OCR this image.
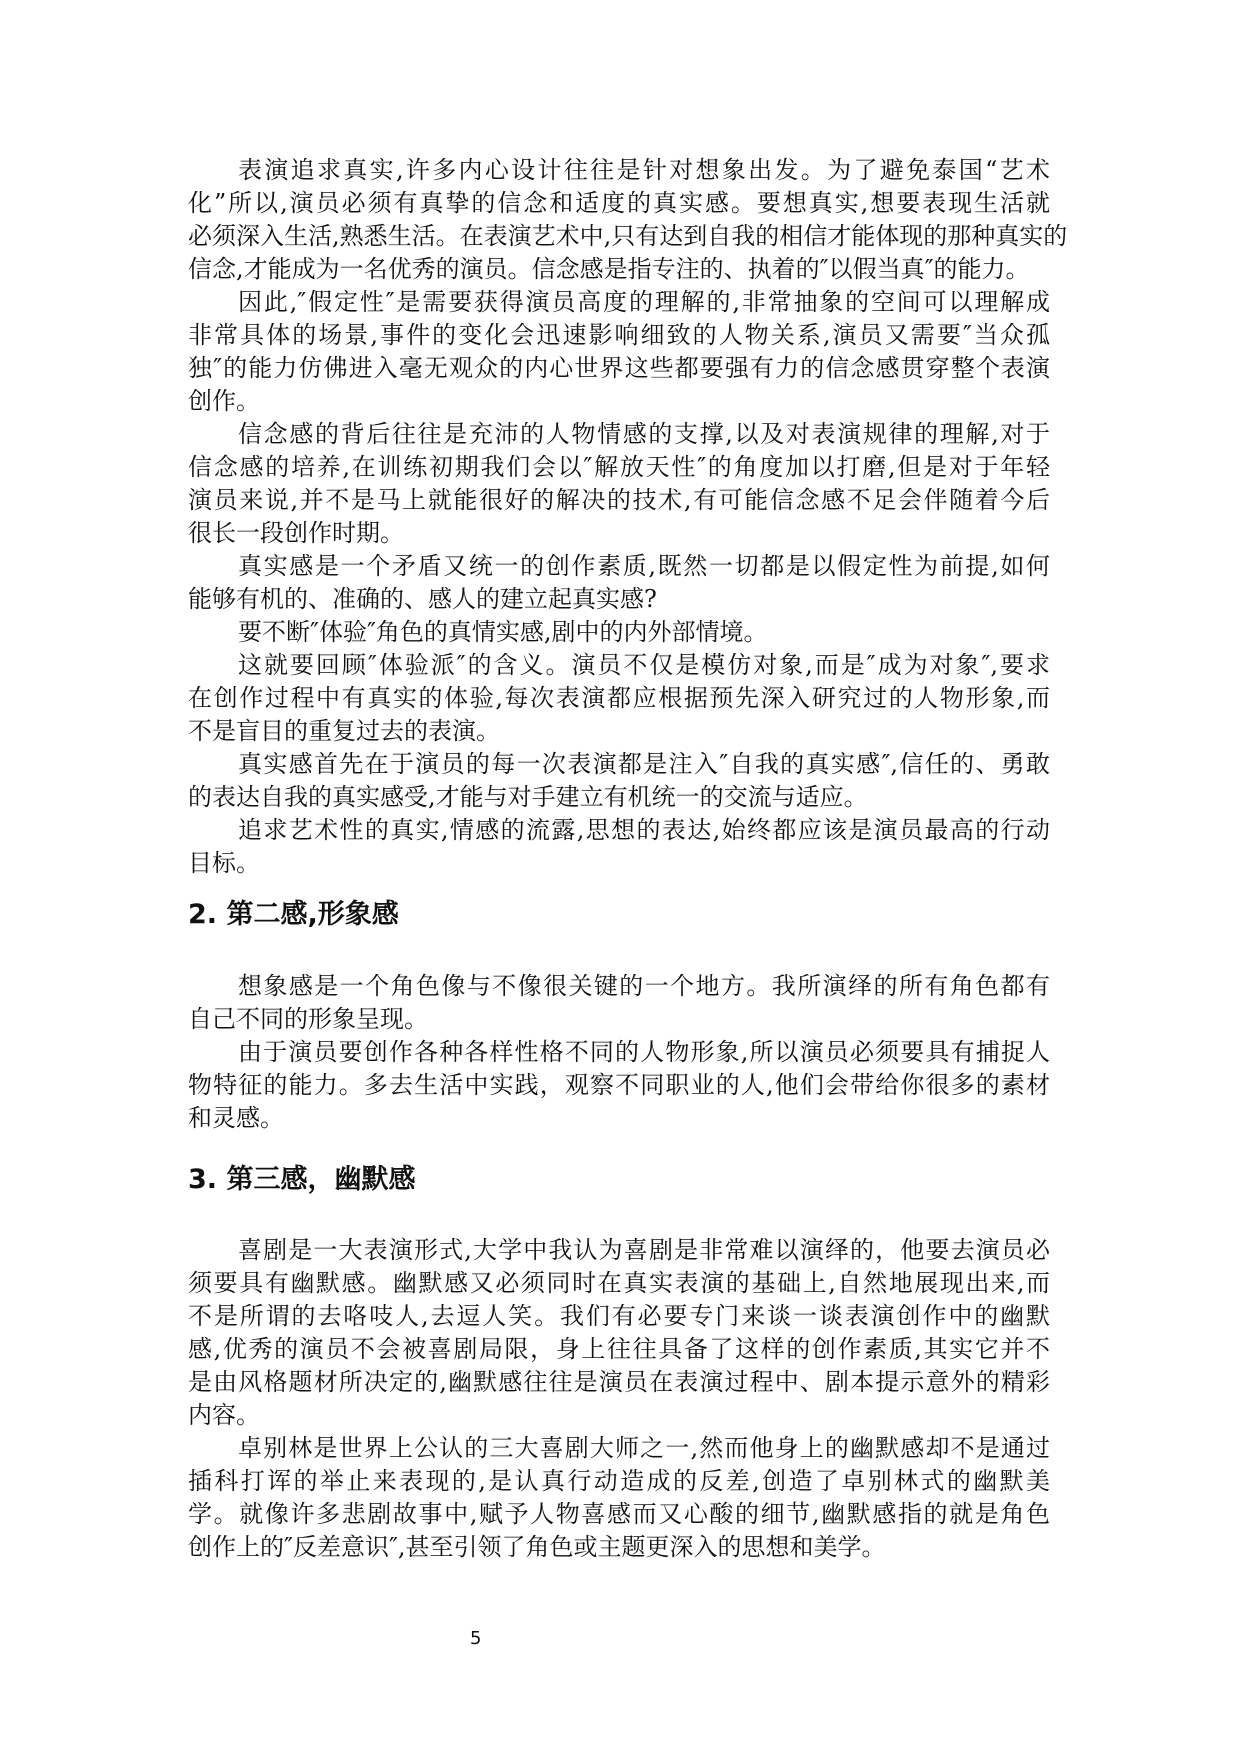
表演追求真实,许多内心设计往往是针对想象出发。为了避免泰国“艺术
化”所以,演员必须有真挚的信念和适度的真实感。要想真实,想要表现生活就
必须深入生活,熟悉生活。在表演艺术中,只有达到自我的相信才能体现的那种真实的
信念,才能成为一名优秀的演员。信念感是指专注的、执着的″以假当真″的能力。
因此,″假定性″是需要获得演员高度的理解的,非常抽象的空间可以理解成
非常具体的场景,事件的变化会迅速影响细致的人物关系,演员又需要″当众孤
独″的能力仿佛进入毫无观众的内心世界这些都要强有力的信念感贯穿整个表演
创作。
信念感的背后往往是充沛的人物情感的支撑,以及对表演规律的理解,对于
信念感的培养,在训练初期我们会以″解放天性″的角度加以打磨,但是对于年轻
演员来说,并不是马上就能很好的解决的技术,有可能信念感不足会伴随着今后
很长一段创作时期。
真实感是一个矛盾又统一的创作素质,既然一切都是以假定性为前提,如何
能够有机的、准确的、感人的建立起真实感?
要不断″体验″角色的真情实感,剧中的内外部情境。
这就要回顾″体验派″的含义。演员不仅是模仿对象,而是″成为对象″,要求
在创作过程中有真实的体验,每次表演都应根据预先深入研究过的人物形象,而
不是盲目的重复过去的表演。
真实感首先在于演员的每一次表演都是注入″自我的真实感″,信任的、勇敢
的表达自我的真实感受,才能与对手建立有机统一的交流与适应。
追求艺术性的真实,情感的流露,思想的表达,始终都应该是演员最高的行动
目标。
2. 第二感,形象感
想象感是一个角色像与不像很关键的一个地方。我所演绎的所有角色都有
自己不同的形象呈现。
由于演员要创作各种各样性格不同的人物形象,所以演员必须要具有捕捉人
物特征的能力。多去生活中实践，观察不同职业的人,他们会带给你很多的素材
和灵感。
3. 第三感，幽默感
喜剧是一大表演形式,大学中我认为喜剧是非常难以演绎的，他要去演员必
须要具有幽默感。幽默感又必须同时在真实表演的基础上,自然地展现出来,而
不是所谓的去咯吱人,去逗人笑。我们有必要专门来谈一谈表演创作中的幽默
感,优秀的演员不会被喜剧局限，身上往往具备了这样的创作素质,其实它并不
是由风格题材所决定的,幽默感往往是演员在表演过程中、剧本提示意外的精彩
内容。
卓别林是世界上公认的三大喜剧大师之一,然而他身上的幽默感却不是通过
插科打诨的举止来表现的,是认真行动造成的反差,创造了卓别林式的幽默美
学。就像许多悲剧故事中,赋予人物喜感而又心酸的细节,幽默感指的就是角色
创作上的″反差意识″,甚至引领了角色或主题更深入的思想和美学。
5
